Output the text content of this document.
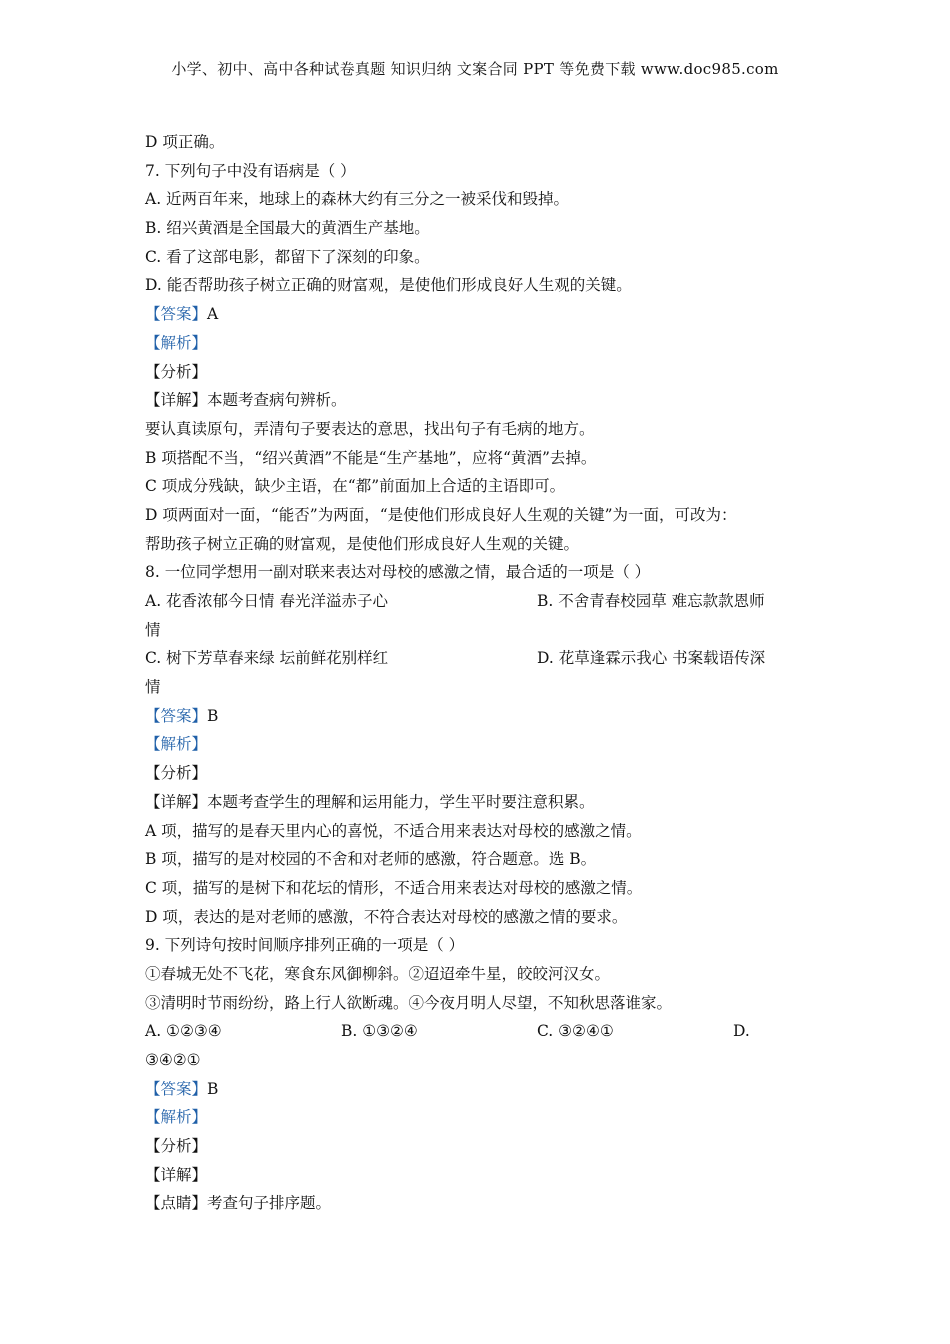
小学、初中、高中各种试卷真题 知识归纳 文案合同 PPT 等免费下载 www.doc985.com
D 项正确。
7. 下列句子中没有语病是（ ）
A. 近两百年来，地球上的森林大约有三分之一被采伐和毁掉。
B. 绍兴黄酒是全国最大的黄酒生产基地。
C. 看了这部电影，都留下了深刻的印象。
D. 能否帮助孩子树立正确的财富观，是使他们形成良好人生观的关键。
【答案】A
【解析】
【分析】
【详解】本题考查病句辨析。
要认真读原句，弄清句子要表达的意思，找出句子有毛病的地方。
B 项搭配不当，“绍兴黄酒”不能是“生产基地”，应将“黄酒”去掉。
C 项成分残缺，缺少主语，在“都”前面加上合适的主语即可。
D 项两面对一面，“能否”为两面，“是使他们形成良好人生观的关键”为一面，可改为：
帮助孩子树立正确的财富观，是使他们形成良好人生观的关键。
8. 一位同学想用一副对联来表达对母校的感激之情，最合适的一项是（ ）
A. 花香浓郁今日情 春光洋溢赤子心	B. 不舍青春校园草 难忘款款恩师
情
C. 树下芳草春来绿 坛前鲜花别样红	D. 花草逢霖示我心 书案载语传深
情
【答案】B
【解析】
【分析】
【详解】本题考查学生的理解和运用能力，学生平时要注意积累。
A 项，描写的是春天里内心的喜悦，不适合用来表达对母校的感激之情。
B 项，描写的是对校园的不舍和对老师的感激，符合题意。选 B。
C 项，描写的是树下和花坛的情形，不适合用来表达对母校的感激之情。
D 项，表达的是对老师的感激，不符合表达对母校的感激之情的要求。
9. 下列诗句按时间顺序排列正确的一项是（ ）
①春城无处不飞花，寒食东风御柳斜。②迢迢牵牛星，皎皎河汉女。
③清明时节雨纷纷，路上行人欲断魂。④今夜月明人尽望，不知秋思落谁家。
A. ①②③④	B. ①③②④	C. ③②④①	D.
③④②①
【答案】B
【解析】
【分析】
【详解】
【点睛】考查句子排序题。
